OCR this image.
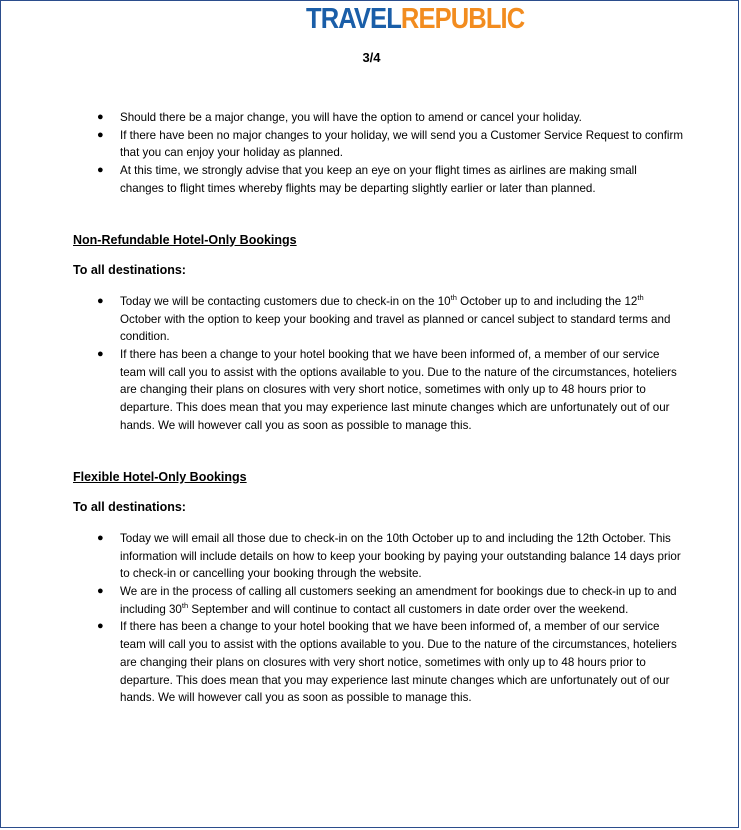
TRAVELREPUBLIC
3/4
● Should there be a major change, you will have the option to amend or cancel your holiday.
● If there have been no major changes to your holiday, we will send you a Customer Service Request to confirm that you can enjoy your holiday as planned.
● At this time, we strongly advise that you keep an eye on your flight times as airlines are making small changes to flight times whereby flights may be departing slightly earlier or later than planned.
Non-Refundable Hotel-Only Bookings
To all destinations:
● Today we will be contacting customers due to check-in on the 10th October up to and including the 12th October with the option to keep your booking and travel as planned or cancel subject to standard terms and condition.
● If there has been a change to your hotel booking that we have been informed of, a member of our service team will call you to assist with the options available to you. Due to the nature of the circumstances, hoteliers are changing their plans on closures with very short notice, sometimes with only up to 48 hours prior to departure. This does mean that you may experience last minute changes which are unfortunately out of our hands. We will however call you as soon as possible to manage this.
Flexible Hotel-Only Bookings
To all destinations:
● Today we will email all those due to check-in on the 10th October up to and including the 12th October. This information will include details on how to keep your booking by paying your outstanding balance 14 days prior to check-in or cancelling your booking through the website.
● We are in the process of calling all customers seeking an amendment for bookings due to check-in up to and including 30th September and will continue to contact all customers in date order over the weekend.
● If there has been a change to your hotel booking that we have been informed of, a member of our service team will call you to assist with the options available to you. Due to the nature of the circumstances, hoteliers are changing their plans on closures with very short notice, sometimes with only up to 48 hours prior to departure. This does mean that you may experience last minute changes which are unfortunately out of our hands. We will however call you as soon as possible to manage this.
